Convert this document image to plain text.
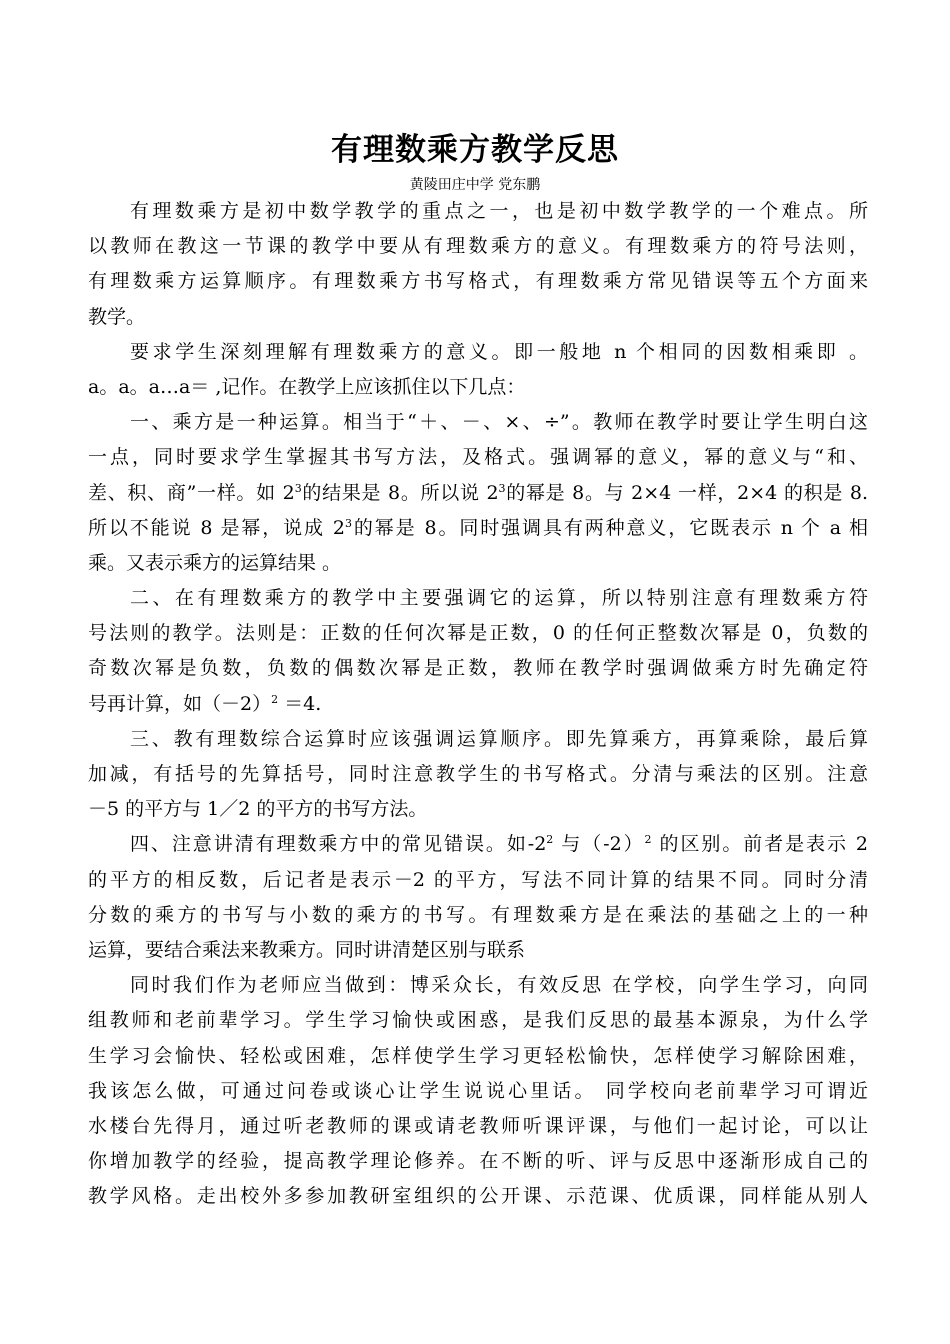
有理数乘方教学反思
黄陵田庄中学 党东鹏
有理数乘方是初中数学教学的重点之一，也是初中数学教学的一个难点。所
以教师在教这一节课的教学中要从有理数乘方的意义。有理数乘方的符号法则，
有理数乘方运算顺序。有理数乘方书写格式，有理数乘方常见错误等五个方面来
教学。
要求学生深刻理解有理数乘方的意义。即一般地 n 个相同的因数相乘即 。
a。a。a…a＝ ,记作。在教学上应该抓住以下几点：
一、乘方是一种运算。相当于“＋、－、×、÷”。教师在教学时要让学生明白这
一点，同时要求学生掌握其书写方法，及格式。强调幂的意义，幂的意义与“和、
差、积、商”一样。如 $2^3$的结果是 8。所以说 $2^3$的幂是 8。与 2×4 一样，2×4 的积是 8.
所以不能说 8 是幂，说成 $2^3$的幂是 8。同时强调具有两种意义，它既表示 n 个 a 相
乘。又表示乘方的运算结果 。
二、在有理数乘方的教学中主要强调它的运算，所以特别注意有理数乘方符
号法则的教学。法则是：正数的任何次幂是正数，0 的任何正整数次幂是 0，负数的
奇数次幂是负数，负数的偶数次幂是正数，教师在教学时强调做乘方时先确定符
号再计算，如$(-2)^2 =4$.
三、教有理数综合运算时应该强调运算顺序。即先算乘方，再算乘除，最后算
加减，有括号的先算括号，同时注意教学生的书写格式。分清与乘法的区别。注意
－5 的平方与 1／2 的平方的书写方法。
四、注意讲清有理数乘方中的常见错误。如$-2^2$ 与$(-2)^2$ 的区别。前者是表示 2
的平方的相反数，后记者是表示－2 的平方，写法不同计算的结果不同。同时分清
分数的乘方的书写与小数的乘方的书写。有理数乘方是在乘法的基础之上的一种
运算，要结合乘法来教乘方。同时讲清楚区别与联系
同时我们作为老师应当做到：博采众长，有效反思 在学校，向学生学习，向同
组教师和老前辈学习。学生学习愉快或困惑，是我们反思的最基本源泉，为什么学
生学习会愉快、轻松或困难，怎样使学生学习更轻松愉快，怎样使学习解除困难，
我该怎么做，可通过问卷或谈心让学生说说心里话。 同学校向老前辈学习可谓近
水楼台先得月，通过听老教师的课或请老教师听课评课，与他们一起讨论，可以让
你增加教学的经验，提高教学理论修养。在不断的听、评与反思中逐渐形成自己的
教学风格。走出校外多参加教研室组织的公开课、示范课、优质课，同样能从别人
